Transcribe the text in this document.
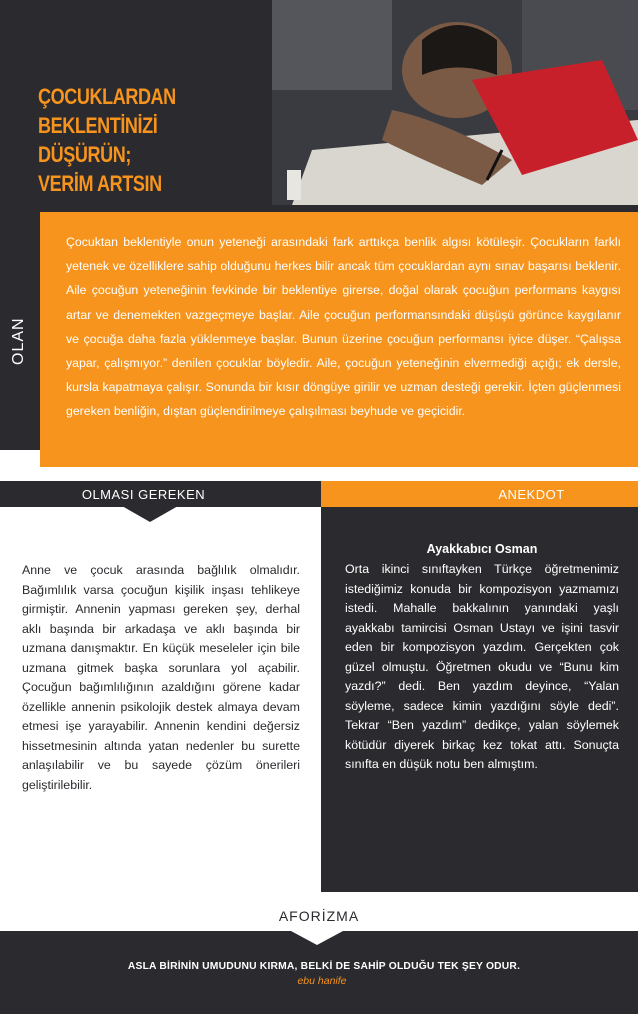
ÇOCUKLARDAN
BEKLENTİNİZİ
DÜŞÜRÜN;
VERİM ARTSIN
OLAN
Çocuktan beklentiyle onun yeteneği arasındaki fark arttıkça benlik algısı kötüleşir. Çocukların farklı yetenek ve özelliklere sahip olduğunu herkes bilir ancak tüm çocuklardan aynı sınav başarısı beklenir. Aile çocuğun yeteneğinin fevkinde bir beklentiye girerse, doğal olarak çocuğun performans kaygısı artar ve denemekten vazgeçmeye başlar. Aile çocuğun performansındaki düşüşü görünce kaygılanır ve çocuğa daha fazla yüklenmeye başlar. Bunun üzerine çocuğun performansı iyice düşer. “Çalışsa yapar, çalışmıyor.” denilen çocuklar böyledir. Aile, çocuğun yeteneğinin elvermediği açığı; ek dersle, kursla kapatmaya çalışır. Sonunda bir kısır döngüye girilir ve uzman desteği gerekir. İçten güçlenmesi gereken benliğin, dıştan güçlendirilmeye çalışılması beyhude ve geçicidir.
OLMASI GEREKEN	ANEKDOT
Anne ve çocuk arasında bağlılık olmalıdır. Bağımlılık varsa çocuğun kişilik inşası tehlikeye girmiştir. Annenin yapması gereken şey, derhal aklı başında bir arkadaşa ve aklı başında bir uzmana danışmaktır. En küçük meseleler için bile uzmana gitmek başka sorunlara yol açabilir. Çocuğun bağımlılığının azaldığını görene kadar özellikle annenin psikolojik destek almaya devam etmesi işe yarayabilir. Annenin kendini değersiz hissetmesinin altında yatan nedenler bu surette anlaşılabilir ve bu sayede çözüm önerileri geliştirilebilir.
Ayakkabıcı Osman
Orta ikinci sınıftayken Türkçe öğretmenimiz istediğimiz konuda bir kompozisyon yazmamızı istedi. Mahalle bakkalının yanındaki yaşlı ayakkabı tamircisi Osman Ustayı ve işini tasvir eden bir kompozisyon yazdım. Gerçekten çok güzel olmuştu. Öğretmen okudu ve “Bunu kim yazdı?” dedi. Ben yazdım deyince, “Yalan söyleme, sadece kimin yazdığını söyle dedi”. Tekrar “Ben yazdım” dedikçe, yalan söylemek kötüdür diyerek birkaç kez tokat attı. Sonuçta sınıfta en düşük notu ben almıştım.
AFORİZMA
ASLA BİRİNİN UMUDUNU KIRMA, BELKİ DE SAHİP OLDUĞU TEK ŞEY ODUR.
ebu hanife
